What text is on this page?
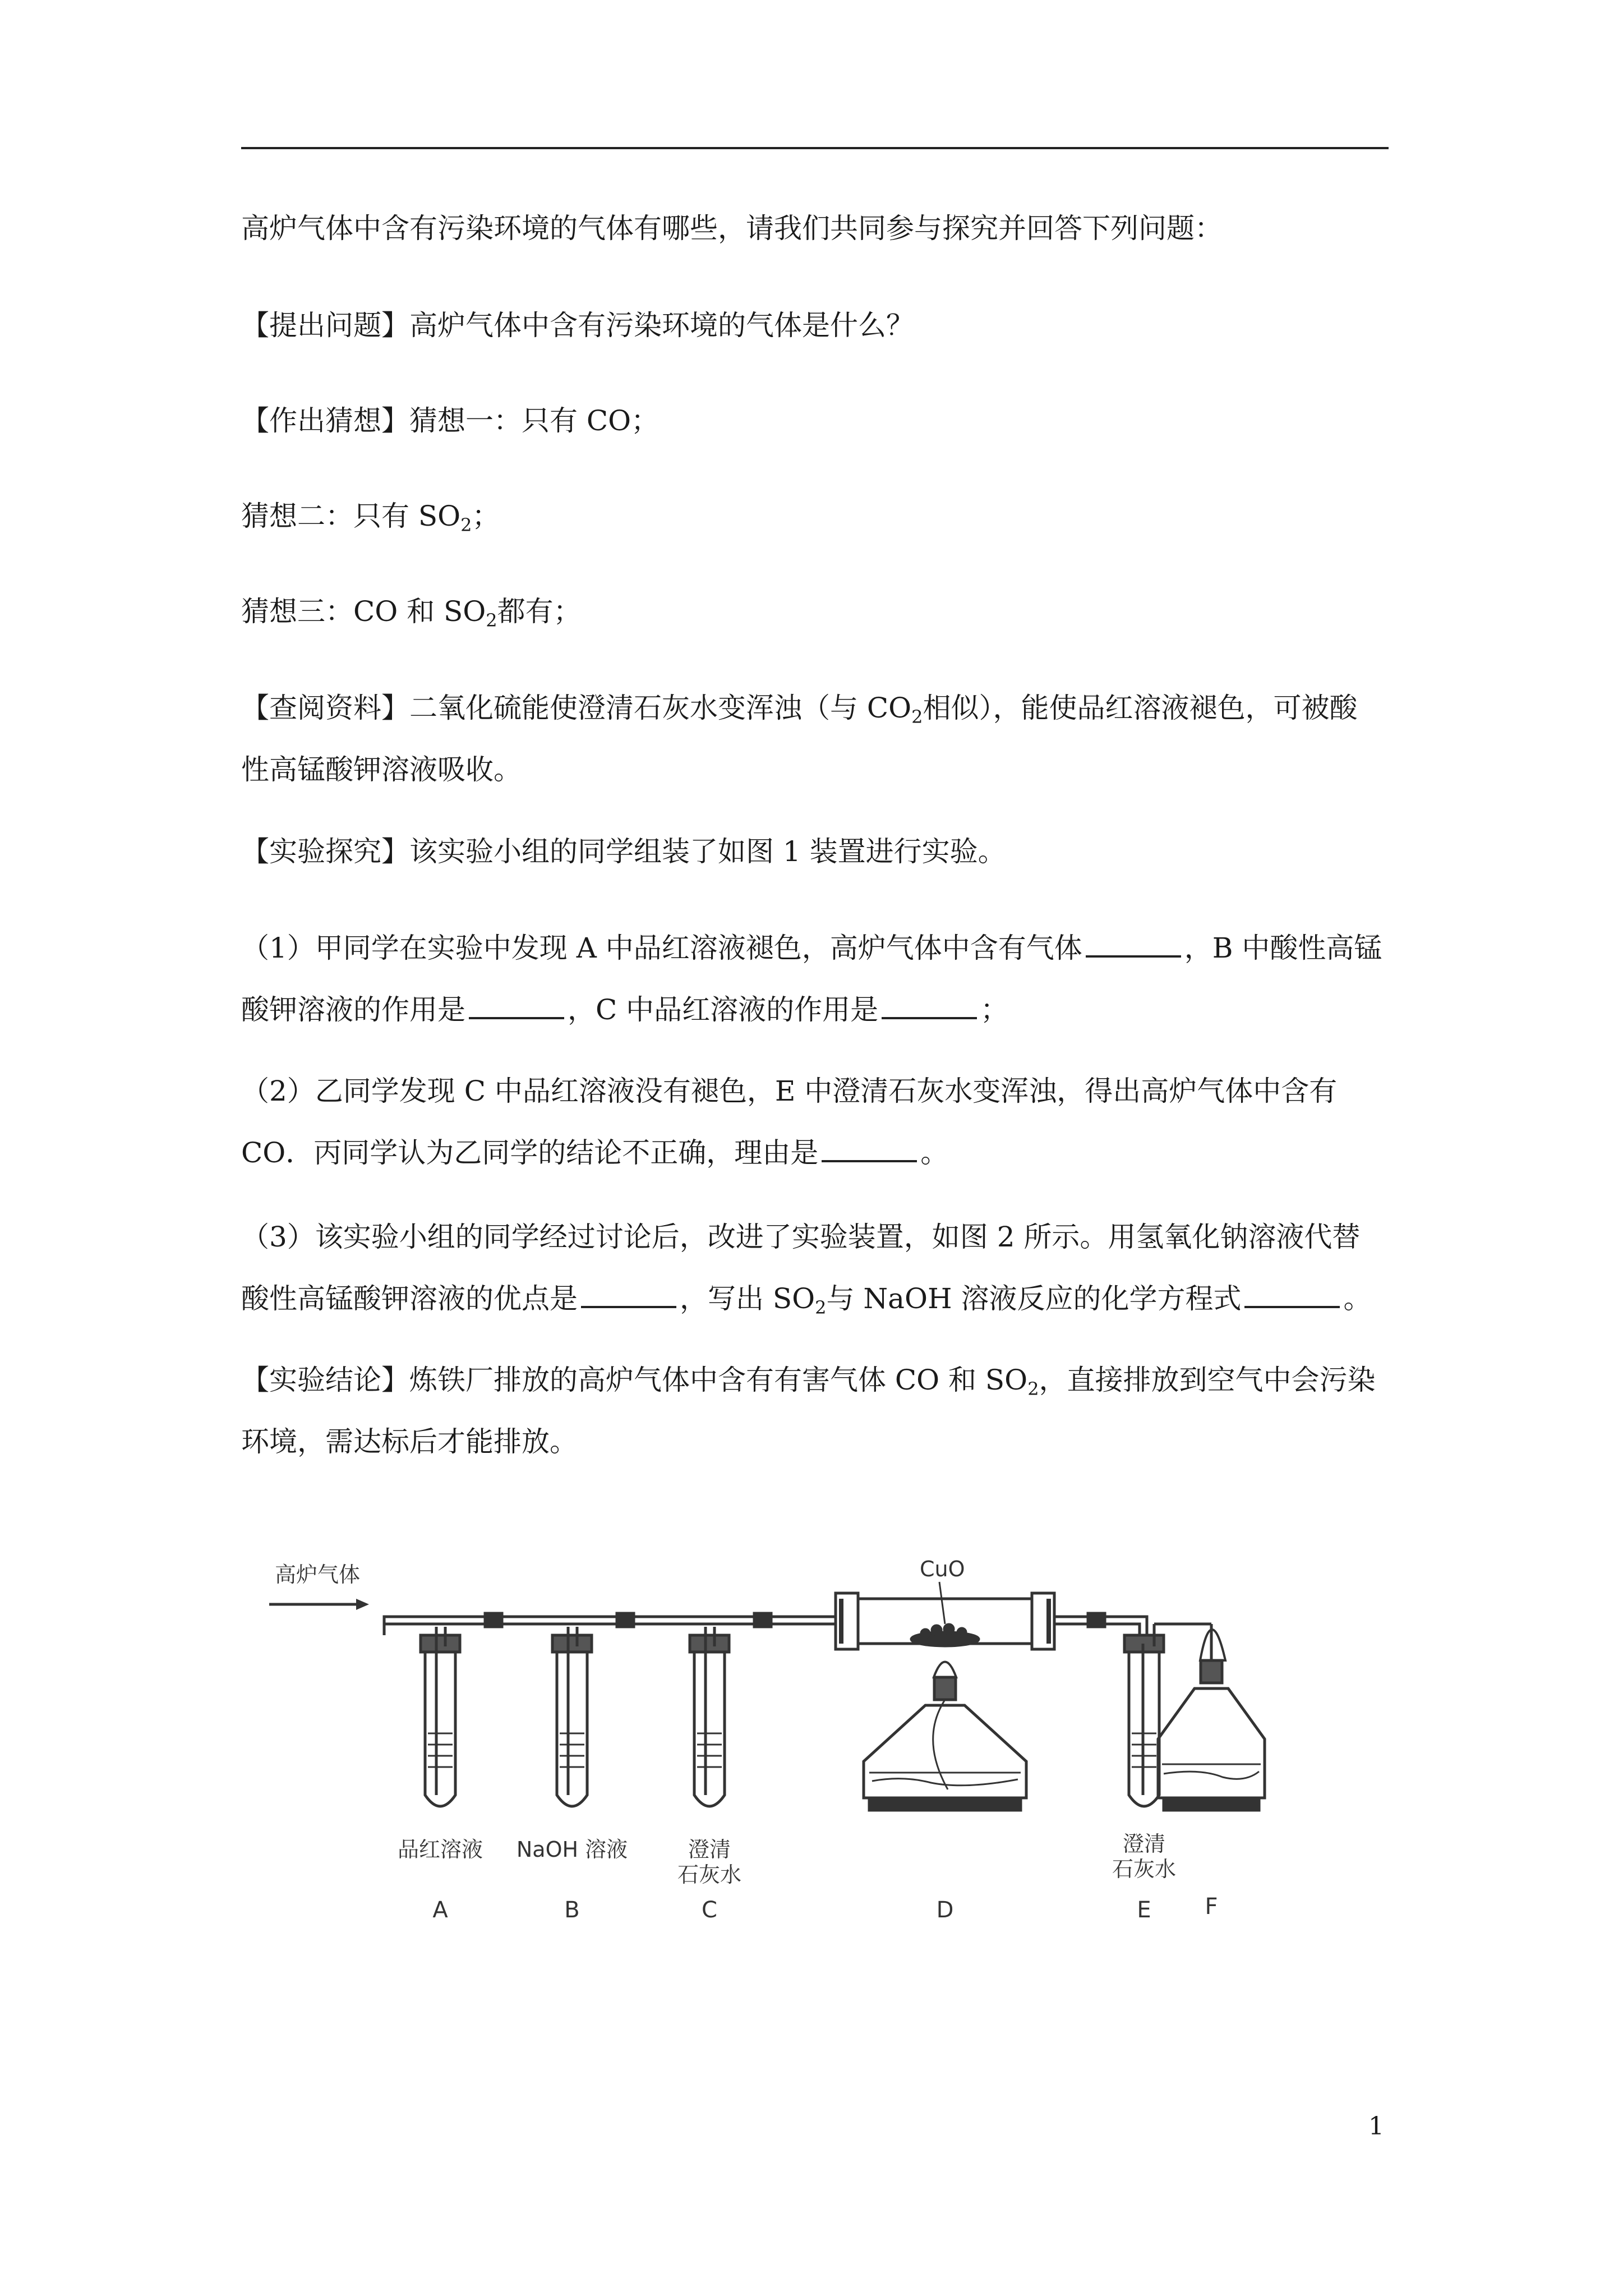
高炉气体中含有污染环境的气体有哪些，请我们共同参与探究并回答下列问题：

【提出问题】高炉气体中含有污染环境的气体是什么？

【作出猜想】猜想一：只有 CO；

猜想二：只有 $SO_2$；

猜想三：CO 和 $SO_2$都有；

【查阅资料】二氧化硫能使澄清石灰水变浑浊（与 $CO_2$相似），能使品红溶液褪色，可被酸
性高锰酸钾溶液吸收。

【实验探究】该实验小组的同学组装了如图 1 装置进行实验。

（1）甲同学在实验中发现 A 中品红溶液褪色，高炉气体中含有气体	，B 中酸性高锰
酸钾溶液的作用是	，C 中品红溶液的作用是	；

（2）乙同学发现 C 中品红溶液没有褪色，E 中澄清石灰水变浑浊，得出高炉气体中含有
CO．丙同学认为乙同学的结论不正确，理由是	。

（3）该实验小组的同学经过讨论后，改进了实验装置，如图 2 所示。用氢氧化钠溶液代替
酸性高锰酸钾溶液的优点是	，写出 $SO_2$与 NaOH 溶液反应的化学方程式	。

【实验结论】炼铁厂排放的高炉气体中含有有害气体 CO 和 $SO_2$，直接排放到空气中会污染
环境，需达标后才能排放。

高炉气体	CuO
品红溶液 NaOH 溶液	澄清
石灰水
澄清
石灰水
A	B	C	D	E F
1
